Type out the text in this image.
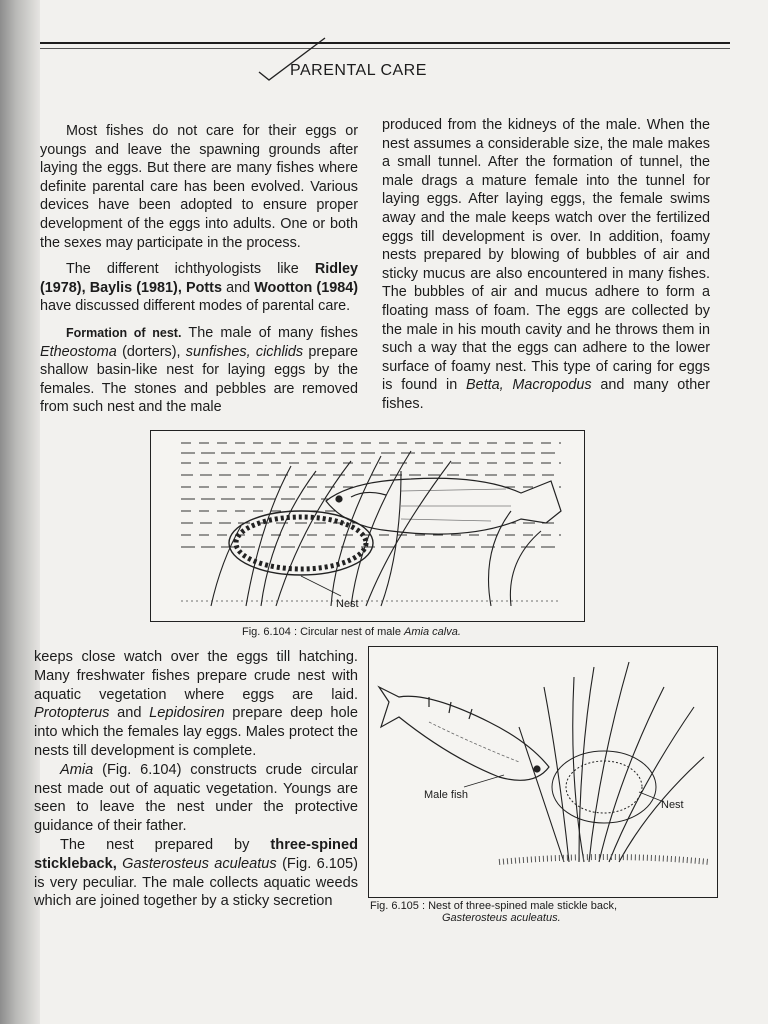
PARENTAL CARE

Most fishes do not care for their eggs or youngs and leave the spawning grounds after laying the eggs. But there are many fishes where definite parental care has been evolved. Various devices have been adopted to ensure proper development of the eggs into adults. One or both the sexes may participate in the process.

The different ichthyologists like Ridley (1978), Baylis (1981), Potts and Wootton (1984) have discussed different modes of parental care.

Formation of nest. The male of many fishes Etheostoma (dorters), sunfishes, cichlids prepare shallow basin-like nest for laying eggs by the females. The stones and pebbles are removed from such nest and the male

produced from the kidneys of the male. When the nest assumes a considerable size, the male makes a small tunnel. After the formation of tunnel, the male drags a mature female into the tunnel for laying eggs. After laying eggs, the female swims away and the male keeps watch over the fertilized eggs till development is over. In addition, foamy nests prepared by blowing of bubbles of air and sticky mucus are also encountered in many fishes. The bubbles of air and mucus adhere to form a floating mass of foam. The eggs are collected by the male in his mouth cavity and he throws them in such a way that the eggs can adhere to the lower surface of foamy nest. This type of caring for eggs is found in Betta, Macropodus and many other fishes.

Nest
Fig. 6.104 : Circular nest of male Amia calva.

keeps close watch over the eggs till hatching. Many freshwater fishes prepare crude nest with aquatic vegetation where eggs are laid. Protopterus and Lepidosiren prepare deep hole into which the females lay eggs. Males protect the nests till development is complete.

Amia (Fig. 6.104) constructs crude circular nest made out of aquatic vegetation. Youngs are seen to leave the nest under the protective guidance of their father.

The nest prepared by three-spined stickleback, Gasterosteus aculeatus (Fig. 6.105) is very peculiar. The male collects aquatic weeds which are joined together by a sticky secretion

Male fish
Nest
Fig. 6.105 : Nest of three-spined male stickle back,
Gasterosteus aculeatus.
